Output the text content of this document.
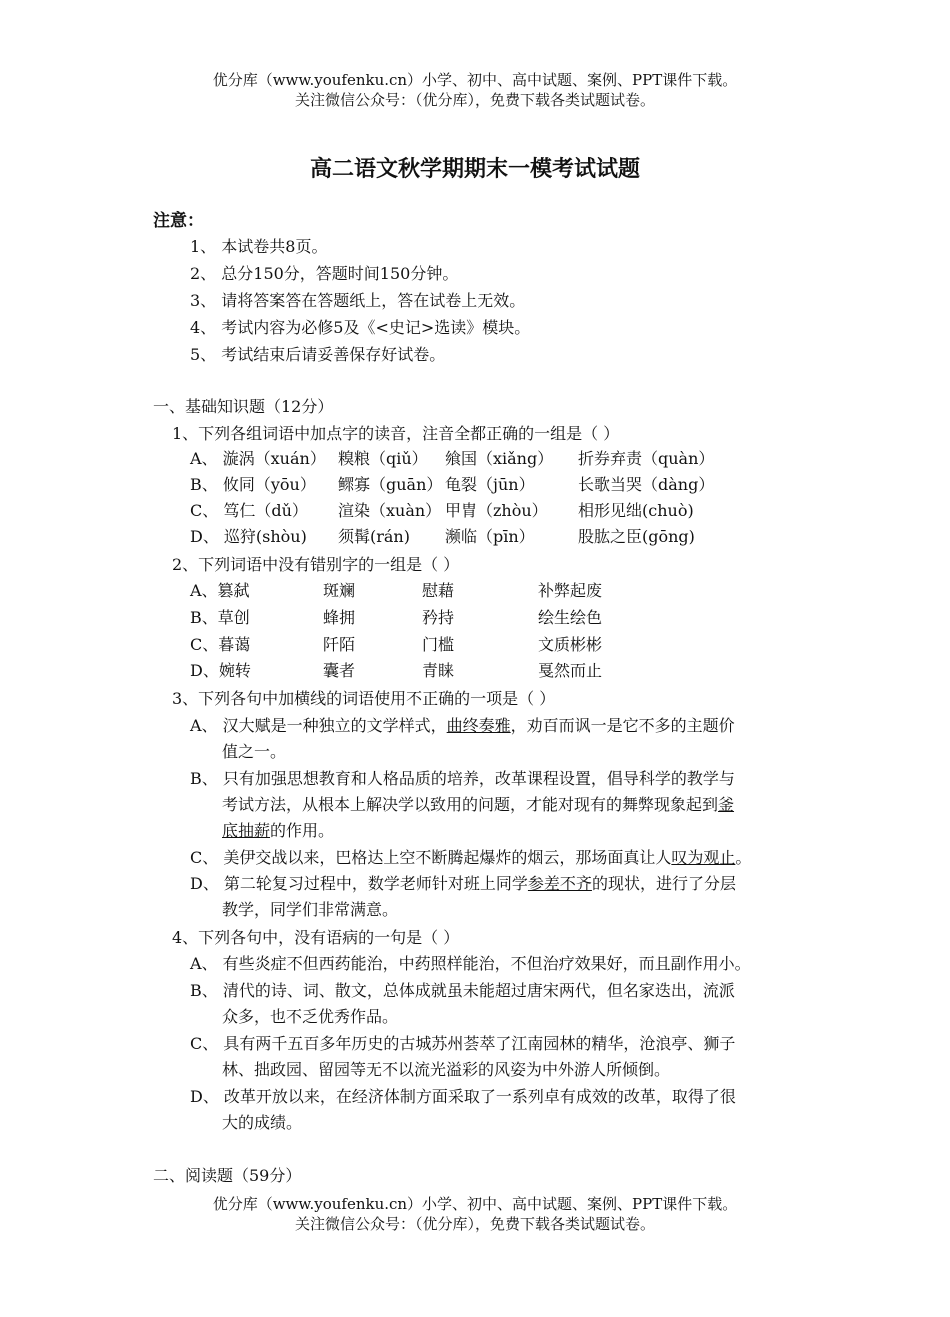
优分库（www.youfenku.cn）小学、初中、高中试题、案例、PPT课件下载。
关注微信公众号：（优分库），免费下载各类试题试卷。
高二语文秋学期期末一模考试试题
注意：
1、 本试卷共8页。
2、 总分150分，答题时间150分钟。
3、 请将答案答在答题纸上，答在试卷上无效。
4、 考试内容为必修5及《<史记>选读》模块。
5、 考试结束后请妥善保存好试卷。
一、基础知识题（12分）
1、下列各组词语中加点字的读音，注音全都正确的一组是（ ）
A、 漩涡（xuán） 糗粮（qiǔ） 飨国（xiǎng） 折券弃责（quàn）
B、 攸同（yōu） 鳏寡（guān） 龟裂（jūn）	长歌当哭（dàng）
C、 笃仁（dǔ） 渲染（xuàn） 甲胄（zhòu） 相形见绌(chuò)
D、 巡狩(shòu) 须髯(rán) 濒临（pīn）	股肱之臣(gōng)
2、下列词语中没有错别字的一组是（ ）
A、篡弑	斑斓	慰藉	补弊起废
B、草创	蜂拥	矜持	绘生绘色
C、暮蔼	阡陌	门槛	文质彬彬
D、婉转	囊者	青睐	戛然而止
3、下列各句中加横线的词语使用不正确的一项是（ ）
A、 汉大赋是一种独立的文学样式，曲终奏雅，劝百而讽一是它不多的主题价
值之一。
B、 只有加强思想教育和人格品质的培养，改革课程设置，倡导科学的教学与
考试方法，从根本上解决学以致用的问题，才能对现有的舞弊现象起到釜
底抽薪的作用。
C、 美伊交战以来，巴格达上空不断腾起爆炸的烟云，那场面真让人叹为观止。
D、 第二轮复习过程中，数学老师针对班上同学参差不齐的现状，进行了分层
教学，同学们非常满意。
4、下列各句中，没有语病的一句是（ ）
A、 有些炎症不但西药能治，中药照样能治，不但治疗效果好，而且副作用小。
B、 清代的诗、词、散文，总体成就虽未能超过唐宋两代，但名家迭出，流派
众多，也不乏优秀作品。
C、 具有两千五百多年历史的古城苏州荟萃了江南园林的精华，沧浪亭、狮子
林、拙政园、留园等无不以流光溢彩的风姿为中外游人所倾倒。
D、 改革开放以来，在经济体制方面采取了一系列卓有成效的改革，取得了很
大的成绩。
二、阅读题（59分）
优分库（www.youfenku.cn）小学、初中、高中试题、案例、PPT课件下载。
关注微信公众号：（优分库），免费下载各类试题试卷。
